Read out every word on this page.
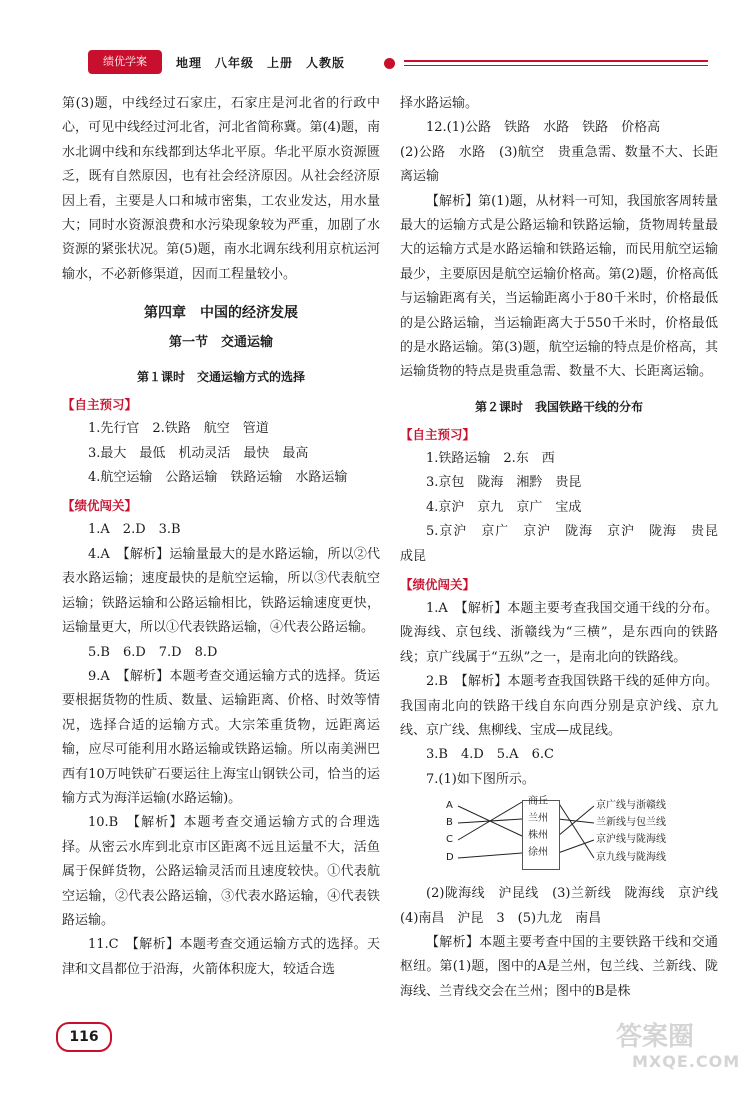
绩优学案	地理　八年级　上册　人教版

第(3)题，中线经过石家庄，石家庄是河北省的行政中心，可见中线经过河北省，河北省简称冀。第(4)题，南水北调中线和东线都到达华北平原。华北平原水资源匮乏，既有自然原因，也有社会经济原因。从社会经济原因上看，主要是人口和城市密集，工农业发达，用水量大；同时水资源浪费和水污染现象较为严重，加剧了水资源的紧张状况。第(5)题，南水北调东线利用京杭运河输水，不必新修渠道，因而工程量较小。

第四章　中国的经济发展
第一节　交通运输
第１课时　交通运输方式的选择
【自主预习】

1.先行官　2.铁路　航空　管道

3.最大　最低　机动灵活　最快　最高

4.航空运输　公路运输　铁路运输　水路运输

【绩优闯关】

1.A　2.D　3.B

4.A　【解析】运输量最大的是水路运输，所以②代表水路运输；速度最快的是航空运输，所以③代表航空运输；铁路运输和公路运输相比，铁路运输速度更快，运输量更大，所以①代表铁路运输，④代表公路运输。

5.B　6.D　7.D　8.D

9.A　【解析】本题考查交通运输方式的选择。货运要根据货物的性质、数量、运输距离、价格、时效等情况，选择合适的运输方式。大宗笨重货物，远距离运输，应尽可能利用水路运输或铁路运输。所以南美洲巴西有10万吨铁矿石要运往上海宝山钢铁公司，恰当的运输方式为海洋运输(水路运输)。

10.B　【解析】本题考查交通运输方式的合理选择。从密云水库到北京市区距离不远且运量不大，活鱼属于保鲜货物，公路运输灵活而且速度较快。①代表航空运输，②代表公路运输，③代表水路运输，④代表铁路运输。

11.C　【解析】本题考查交通运输方式的选择。天津和文昌都位于沿海，火箭体积庞大，较适合选

择水路运输。

12.(1)公路　铁路　水路　铁路　价格高

(2)公路　水路　(3)航空　贵重急需、数量不大、长距离运输

【解析】第(1)题，从材料一可知，我国旅客周转量最大的运输方式是公路运输和铁路运输，货物周转量最大的运输方式是水路运输和铁路运输，而民用航空运输最少，主要原因是航空运输价格高。第(2)题，价格高低与运输距离有关，当运输距离小于80千米时，价格最低的是公路运输，当运输距离大于550千米时，价格最低的是水路运输。第(3)题，航空运输的特点是价格高，其运输货物的特点是贵重急需、数量不大、长距离运输。

第２课时　我国铁路干线的分布
【自主预习】

1.铁路运输　2.东　西

3.京包　陇海　湘黔　贵昆

4.京沪　京九　京广　宝成

5.京沪　京广　京沪　陇海　京沪　陇海　贵昆　成昆

【绩优闯关】

1.A　【解析】本题主要考查我国交通干线的分布。陇海线、京包线、浙赣线为“三横”，是东西向的铁路线；京广线属于“五纵”之一，是南北向的铁路线。

2.B　【解析】本题考查我国铁路干线的延伸方向。我国南北向的铁路干线自东向西分别是京沪线、京九线、京广线、焦柳线、宝成—成昆线。

3.B　4.D　5.A　6.C

7.(1)如下图所示。

A
B
C
D
商丘
兰州
株州
徐州
京广线与浙赣线
兰新线与包兰线
京沪线与陇海线
京九线与陇海线

(2)陇海线　沪昆线　(3)兰新线　陇海线　京沪线　(4)南昌　沪昆　3　(5)九龙　南昌

【解析】本题主要考查中国的主要铁路干线和交通枢纽。第(1)题，图中的A是兰州，包兰线、兰新线、陇海线、兰青线交会在兰州；图中的B是株

116	答案圈
MXQE.COM
